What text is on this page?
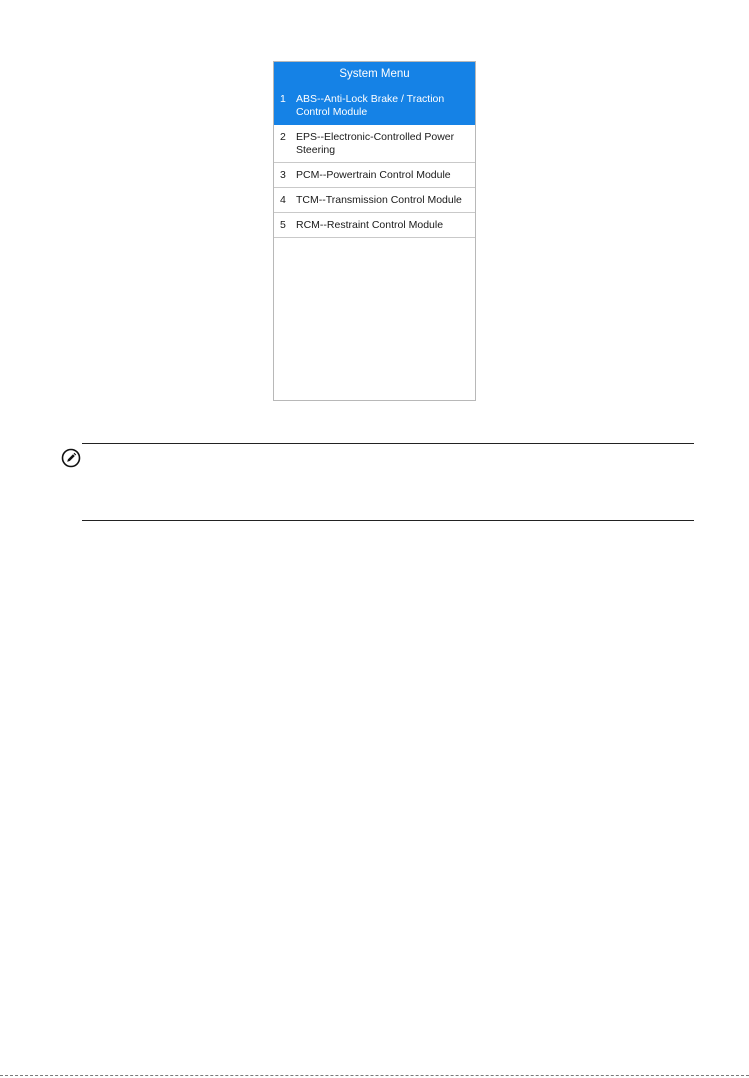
System Menu
1 ABS--Anti-Lock Brake / Traction
Control Module
2 EPS--Electronic-Controlled Power
Steering
3 PCM--Powertrain Control Module
4 TCM--Transmission Control Module
5 RCM--Restraint Control Module
